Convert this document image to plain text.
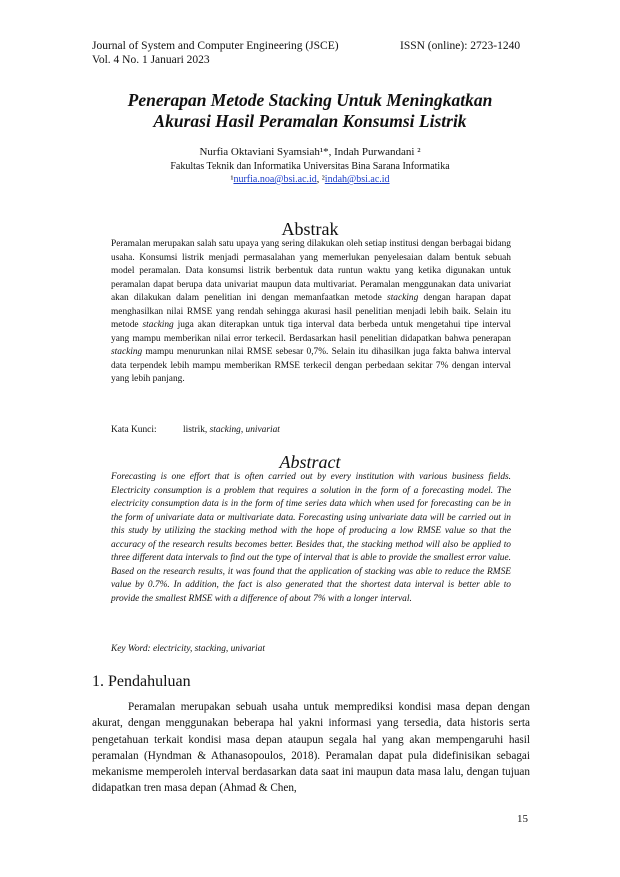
Journal of System and Computer Engineering (JSCE)
Vol. 4 No. 1 Januari 2023
ISSN (online): 2723-1240
Penerapan Metode Stacking Untuk Meningkatkan
Akurasi Hasil Peramalan Konsumsi Listrik
Nurfia Oktaviani Syamsiah¹*, Indah Purwandani ²
Fakultas Teknik dan Informatika Universitas Bina Sarana Informatika
¹nurfia.noa@bsi.ac.id, ²indah@bsi.ac.id
Abstrak
Peramalan merupakan salah satu upaya yang sering dilakukan oleh setiap institusi dengan berbagai bidang usaha. Konsumsi listrik menjadi permasalahan yang memerlukan penyelesaian dalam bentuk sebuah model peramalan. Data konsumsi listrik berbentuk data runtun waktu yang ketika digunakan untuk peramalan dapat berupa data univariat maupun data multivariat. Peramalan menggunakan data univariat akan dilakukan dalam penelitian ini dengan memanfaatkan metode stacking dengan harapan dapat menghasilkan nilai RMSE yang rendah sehingga akurasi hasil penelitian menjadi lebih baik. Selain itu metode stacking juga akan diterapkan untuk tiga interval data berbeda untuk mengetahui tipe interval yang mampu memberikan nilai error terkecil. Berdasarkan hasil penelitian didapatkan bahwa penerapan stacking mampu menurunkan nilai RMSE sebesar 0,7%. Selain itu dihasilkan juga fakta bahwa interval data terpendek lebih mampu memberikan RMSE terkecil dengan perbedaan sekitar 7% dengan interval yang lebih panjang.
Kata Kunci:	listrik, stacking, univariat
Abstract
Forecasting is one effort that is often carried out by every institution with various business fields. Electricity consumption is a problem that requires a solution in the form of a forecasting model. The electricity consumption data is in the form of time series data which when used for forecasting can be in the form of univariate data or multivariate data. Forecasting using univariate data will be carried out in this study by utilizing the stacking method with the hope of producing a low RMSE value so that the accuracy of the research results becomes better. Besides that, the stacking method will also be applied to three different data intervals to find out the type of interval that is able to provide the smallest error value. Based on the research results, it was found that the application of stacking was able to reduce the RMSE value by 0.7%. In addition, the fact is also generated that the shortest data interval is better able to provide the smallest RMSE with a difference of about 7% with a longer interval.
Key Word: electricity, stacking, univariat
1. Pendahuluan
Peramalan merupakan sebuah usaha untuk memprediksi kondisi masa depan dengan akurat, dengan menggunakan beberapa hal yakni informasi yang tersedia, data historis serta pengetahuan terkait kondisi masa depan ataupun segala hal yang akan mempengaruhi hasil peramalan (Hyndman & Athanasopoulos, 2018). Peramalan dapat pula didefinisikan sebagai mekanisme memperoleh interval berdasarkan data saat ini maupun data masa lalu, dengan tujuan didapatkan tren masa depan (Ahmad & Chen,
15
